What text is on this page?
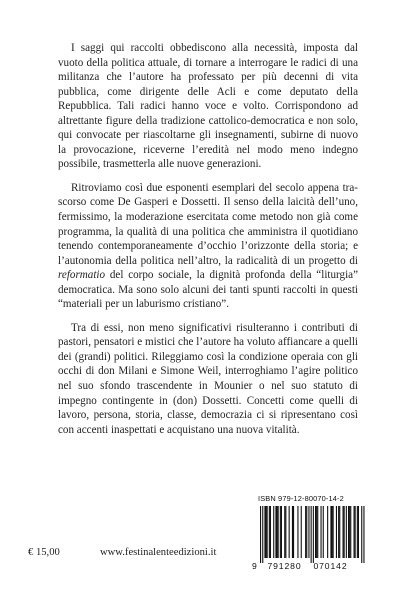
I saggi qui raccolti obbediscono alla necessità, imposta dal vuoto della politica attuale, di tornare a interrogare le radici di una militanza che l’autore ha professato per più decenni di vita pubblica, come dirigente delle Acli e come deputato della Repubblica. Tali radici hanno voce e volto. Corrispondono ad altrettante figure della tradizione cattolico-democratica e non solo, qui convocate per riascoltarne gli insegnamenti, subirne di nuovo la provocazione, riceverne l’eredità nel modo meno indegno possibile, trasmetterla alle nuove generazioni.

Ritroviamo così due esponenti esemplari del secolo appena trascorso come De Gasperi e Dossetti. Il senso della laicità dell’uno, fermissimo, la moderazione esercitata come metodo non già come programma, la qualità di una politica che amministra il quotidiano tenendo contemporaneamente d’occhio l’orizzonte della storia; e l’autonomia della politica nell’altro, la radicalità di un progetto di reformatio del corpo sociale, la dignità profonda della “liturgia” democratica. Ma sono solo alcuni dei tanti spunti raccolti in questi “materiali per un laburismo cristiano”.

Tra di essi, non meno significativi risulteranno i contributi di pastori, pensatori e mistici che l’autore ha voluto affiancare a quelli dei (grandi) politici. Rileggiamo così la condizione operaia con gli occhi di don Milani e Simone Weil, interroghiamo l’agire politico nel suo sfondo trascendente in Mounier o nel suo statuto di impegno contingente in (don) Dossetti. Concetti come quelli di lavoro, persona, storia, classe, democrazia ci si ripresentano così con accenti inaspettati e acquistano una nuova vitalità.

ISBN 979-12-80070-14-2
9 791280 070142
€ 15,00	www.festinalenteedizioni.it
